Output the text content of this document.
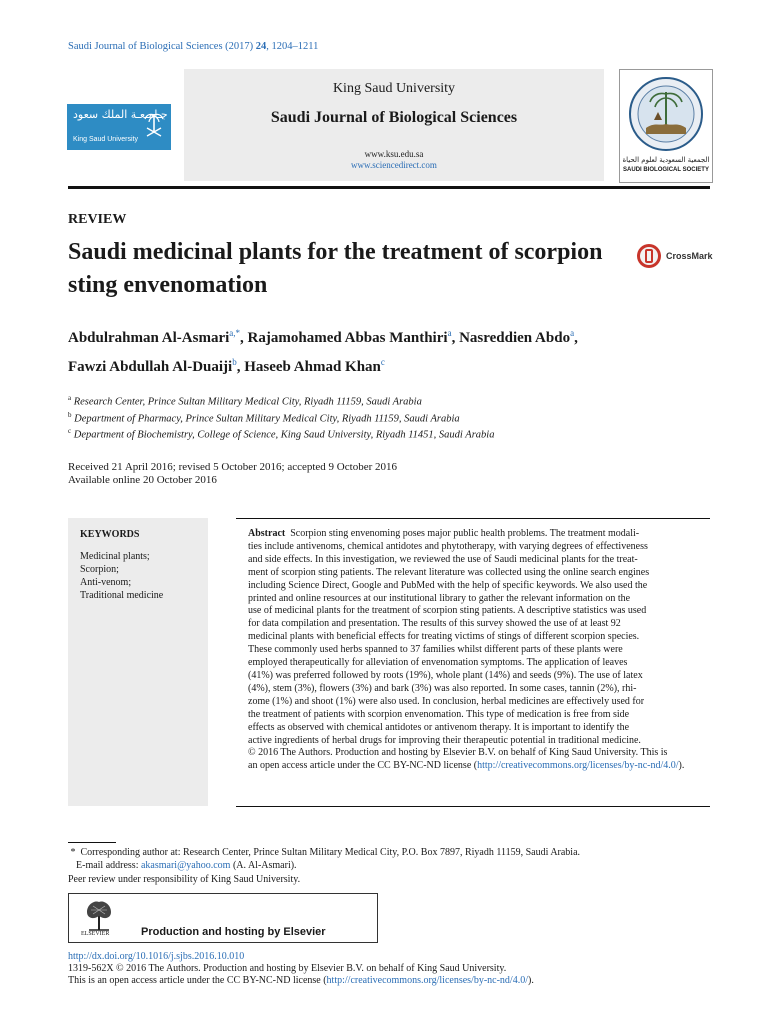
Saudi Journal of Biological Sciences (2017) 24, 1204–1211
جـامـعـة الملك سعود
King Saud University
King Saud University
Saudi Journal of Biological Sciences
www.ksu.edu.sa
www.sciencedirect.com	الجمعية السعودية لعلوم الحياة
SAUDI BIOLOGICAL SOCIETY
REVIEW
Saudi medicinal plants for the treatment of scorpion sting envenomation
CrossMark
Abdulrahman Al-Asmari$^{a,*}$, Rajamohamed Abbas Manthiri$^a$, Nasreddien Abdo$^a$,
Fawzi Abdullah Al-Duaiji$^b$, Haseeb Ahmad Khan$^c$
$^a$ Research Center, Prince Sultan Military Medical City, Riyadh 11159, Saudi Arabia
$^b$ Department of Pharmacy, Prince Sultan Military Medical City, Riyadh 11159, Saudi Arabia
$^c$ Department of Biochemistry, College of Science, King Saud University, Riyadh 11451, Saudi Arabia
Received 21 April 2016; revised 5 October 2016; accepted 9 October 2016
Available online 20 October 2016
KEYWORDS
Medicinal plants;
Scorpion;
Anti-venom;
Traditional medicine
Abstract Scorpion sting envenoming poses major public health problems. The treatment modali-
ties include antivenoms, chemical antidotes and phytotherapy, with varying degrees of effectiveness
and side effects. In this investigation, we reviewed the use of Saudi medicinal plants for the treat-
ment of scorpion sting patients. The relevant literature was collected using the online search engines
including Science Direct, Google and PubMed with the help of specific keywords. We also used the
printed and online resources at our institutional library to gather the relevant information on the
use of medicinal plants for the treatment of scorpion sting patients. A descriptive statistics was used
for data compilation and presentation. The results of this survey showed the use of at least 92
medicinal plants with beneficial effects for treating victims of stings of different scorpion species.
These commonly used herbs spanned to 37 families whilst different parts of these plants were
employed therapeutically for alleviation of envenomation symptoms. The application of leaves
(41%) was preferred followed by roots (19%), whole plant (14%) and seeds (9%). The use of latex
(4%), stem (3%), flowers (3%) and bark (3%) was also reported. In some cases, tannin (2%), rhi-
zome (1%) and shoot (1%) were also used. In conclusion, herbal medicines are effectively used for
the treatment of patients with scorpion envenomation. This type of medication is free from side
effects as observed with chemical antidotes or antivenom therapy. It is important to identify the
active ingredients of herbal drugs for improving their therapeutic potential in traditional medicine.
© 2016 The Authors. Production and hosting by Elsevier B.V. on behalf of King Saud University. This is
an open access article under the CC BY-NC-ND license (http://creativecommons.org/licenses/by-nc-nd/4.0/).
* Corresponding author at: Research Center, Prince Sultan Military Medical City, P.O. Box 7897, Riyadh 11159, Saudi Arabia.
E-mail address: akasmari@yahoo.com (A. Al-Asmari).
Peer review under responsibility of King Saud University.
ELSEVIER	Production and hosting by Elsevier
http://dx.doi.org/10.1016/j.sjbs.2016.10.010
1319-562X © 2016 The Authors. Production and hosting by Elsevier B.V. on behalf of King Saud University.
This is an open access article under the CC BY-NC-ND license (http://creativecommons.org/licenses/by-nc-nd/4.0/).
